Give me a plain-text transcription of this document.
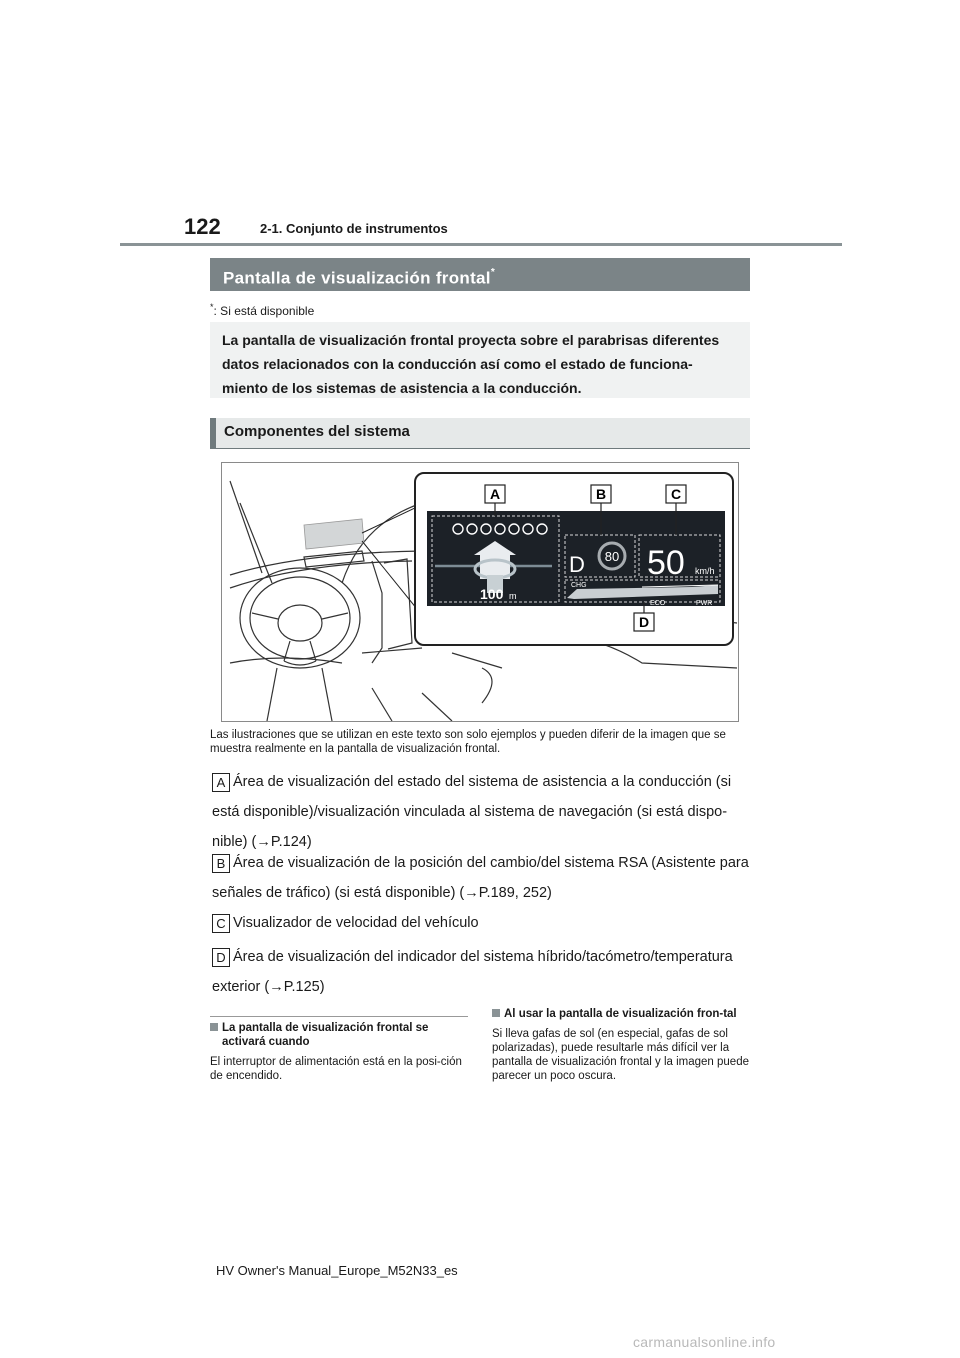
122	2-1. Conjunto de instrumentos
Pantalla de visualización frontal*
*: Si está disponible
La pantalla de visualización frontal proyecta sobre el parabrisas diferentes datos relacionados con la conducción así como el estado de funciona-miento de los sistemas de asistencia a la conducción.
Componentes del sistema
A	B	C
D
100 m
D 80 50 km/h
CHG
ECO	PWR
Las ilustraciones que se utilizan en este texto son solo ejemplos y pueden diferir de la imagen que se muestra realmente en la pantalla de visualización frontal.
A Área de visualización del estado del sistema de asistencia a la conducción (si está disponible)/visualización vinculada al sistema de navegación (si está dispo-nible) (→P.124)
B Área de visualización de la posición del cambio/del sistema RSA (Asistente para señales de tráfico) (si está disponible) (→P.189, 252)
C Visualizador de velocidad del vehículo
D Área de visualización del indicador del sistema híbrido/tacómetro/temperatura exterior (→P.125)
La pantalla de visualización frontal se activará cuando
El interruptor de alimentación está en la posi-ción de encendido.
Al usar la pantalla de visualización fron-tal
Si lleva gafas de sol (en especial, gafas de sol polarizadas), puede resultarle más difícil ver la pantalla de visualización frontal y la imagen puede parecer un poco oscura.
HV Owner's Manual_Europe_M52N33_es
carmanualsonline.info
